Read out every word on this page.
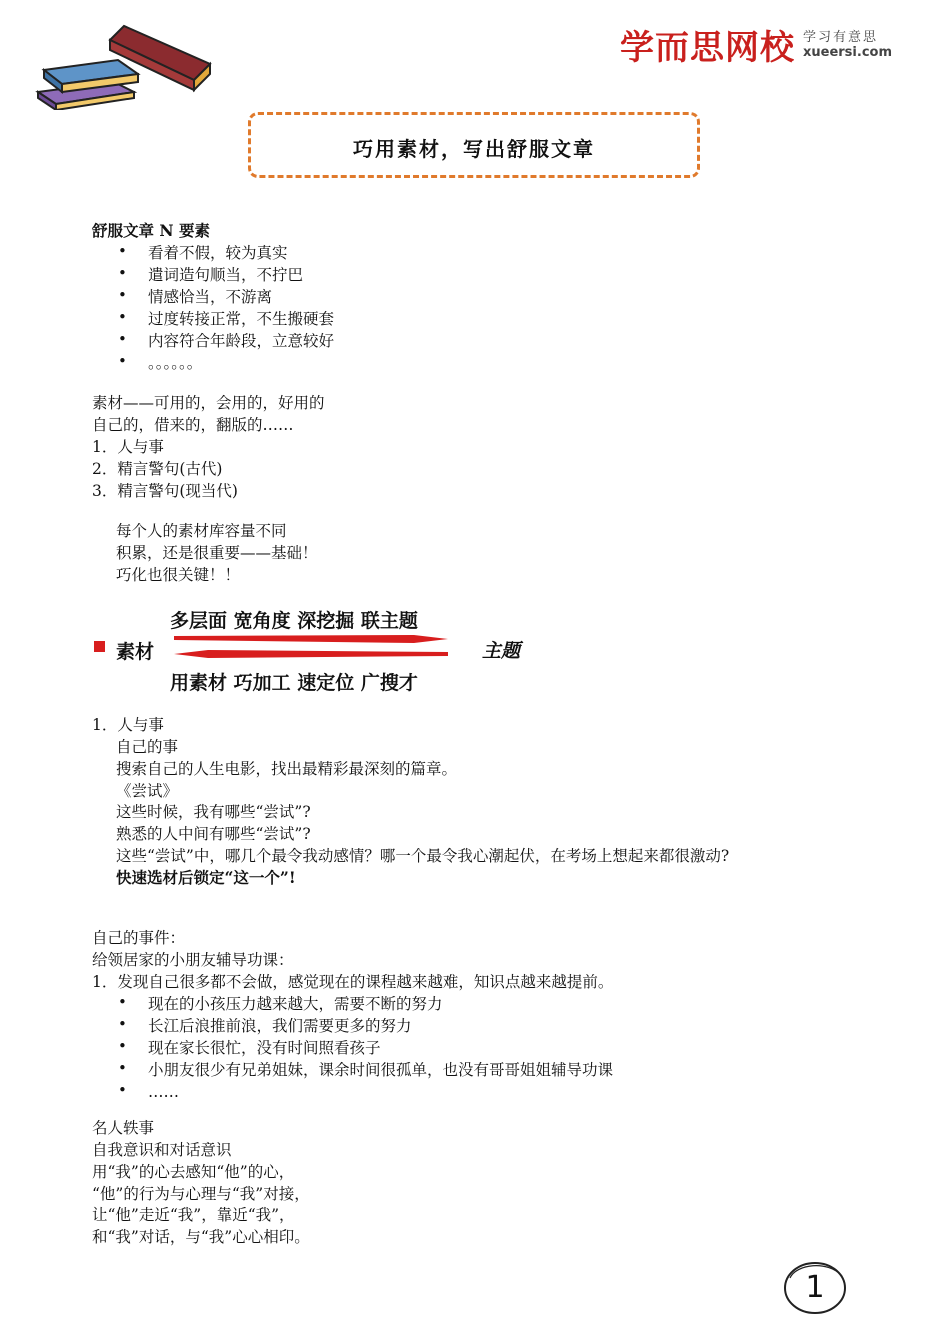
学而思网校 学习有意思
xueersi.com
巧用素材，写出舒服文章
舒服文章 N 要素
• 看着不假，较为真实
• 遣词造句顺当，不拧巴
• 情感恰当，不游离
• 过度转接正常，不生搬硬套
• 内容符合年龄段，立意较好
• 。。。。。。
素材——可用的，会用的，好用的
自己的，借来的，翻版的……
1．人与事
2．精言警句(古代)
3．精言警句(现当代)
每个人的素材库容量不同
积累，还是很重要——基础！
巧化也很关键！！
多层面 宽角度 深挖掘 联主题
素材	主题
用素材 巧加工 速定位 广搜才
1．人与事
自己的事
搜索自己的人生电影，找出最精彩最深刻的篇章。
《尝试》
这些时候，我有哪些“尝试”?
熟悉的人中间有哪些“尝试”?
这些“尝试”中，哪几个最令我动感情？哪一个最令我心潮起伏，在考场上想起来都很激动?
快速选材后锁定“这一个”!
自己的事件：
给领居家的小朋友辅导功课：
1．发现自己很多都不会做，感觉现在的课程越来越难，知识点越来越提前。
• 现在的小孩压力越来越大，需要不断的努力
• 长江后浪推前浪，我们需要更多的努力
• 现在家长很忙，没有时间照看孩子
• 小朋友很少有兄弟姐妹，课余时间很孤单，也没有哥哥姐姐辅导功课
• ……
名人轶事
自我意识和对话意识
用“我”的心去感知“他”的心，
“他”的行为与心理与“我”对接，
让“他”走近“我”，靠近“我”，
和“我”对话，与“我”心心相印。
1
